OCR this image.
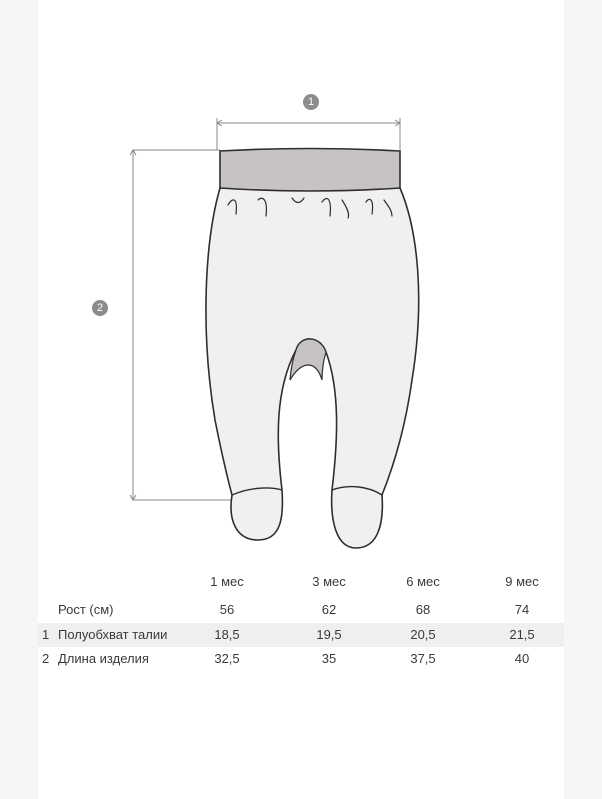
1
2
1 мес	3 мес	6 мес	9 мес
Рост (см)	56	62	68	74
1 Полуобхват талии	18,5	19,5	20,5	21,5
2 Длина изделия	32,5	35	37,5	40
